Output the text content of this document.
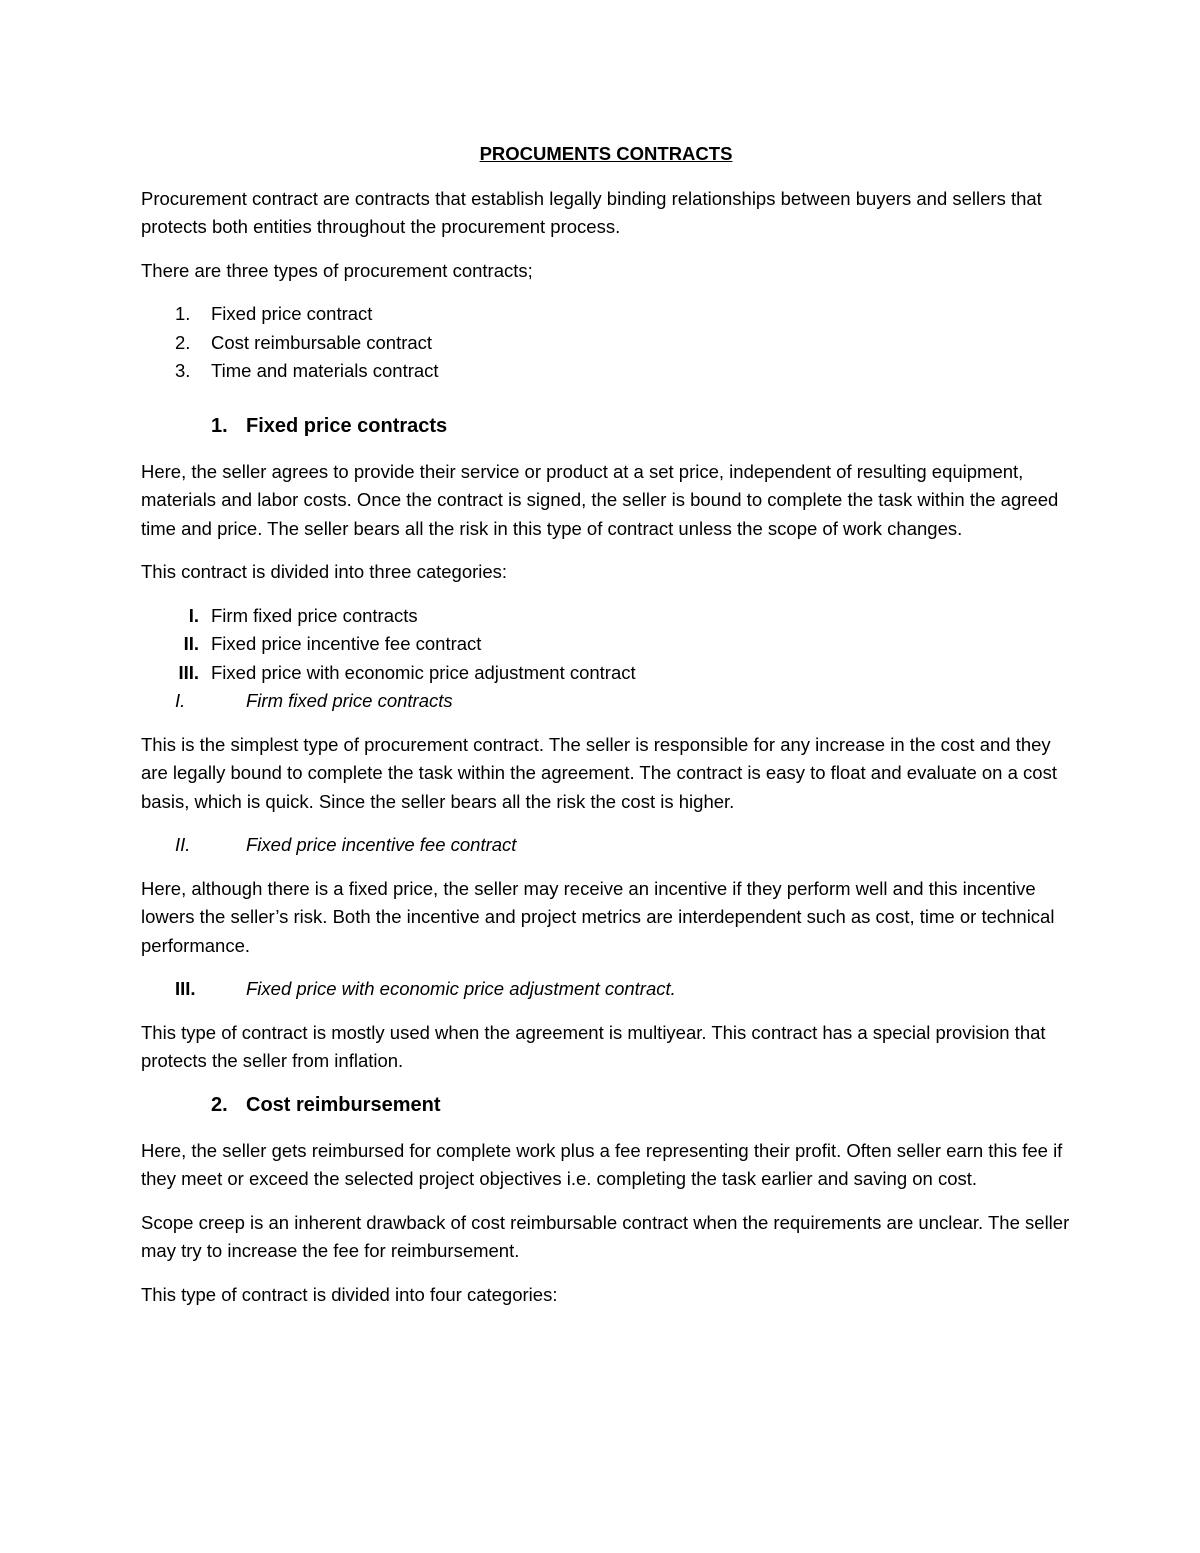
PROCUMENTS CONTRACTS

Procurement contract are contracts that establish legally binding relationships between buyers and sellers that protects both entities throughout the procurement process.

There are three types of procurement contracts;

1.	Fixed price contract
2.	Cost reimbursable contract
3.	Time and materials contract
1. Fixed price contracts

Here, the seller agrees to provide their service or product at a set price, independent of resulting equipment, materials and labor costs. Once the contract is signed, the seller is bound to complete the task within the agreed time and price. The seller bears all the risk in this type of contract unless the scope of work changes.

This contract is divided into three categories:

I. Firm fixed price contracts
II. Fixed price incentive fee contract
III. Fixed price with economic price adjustment contract
I.	Firm fixed price contracts

This is the simplest type of procurement contract. The seller is responsible for any increase in the cost and they are legally bound to complete the task within the agreement. The contract is easy to float and evaluate on a cost basis, which is quick. Since the seller bears all the risk the cost is higher.

II.	Fixed price incentive fee contract

Here, although there is a fixed price, the seller may receive an incentive if they perform well and this incentive lowers the seller’s risk. Both the incentive and project metrics are interdependent such as cost, time or technical performance.

III.	Fixed price with economic price adjustment contract.

This type of contract is mostly used when the agreement is multiyear. This contract has a special provision that protects the seller from inflation.

2. Cost reimbursement

Here, the seller gets reimbursed for complete work plus a fee representing their profit. Often seller earn this fee if they meet or exceed the selected project objectives i.e. completing the task earlier and saving on cost.

Scope creep is an inherent drawback of cost reimbursable contract when the requirements are unclear. The seller may try to increase the fee for reimbursement.

This type of contract is divided into four categories:
